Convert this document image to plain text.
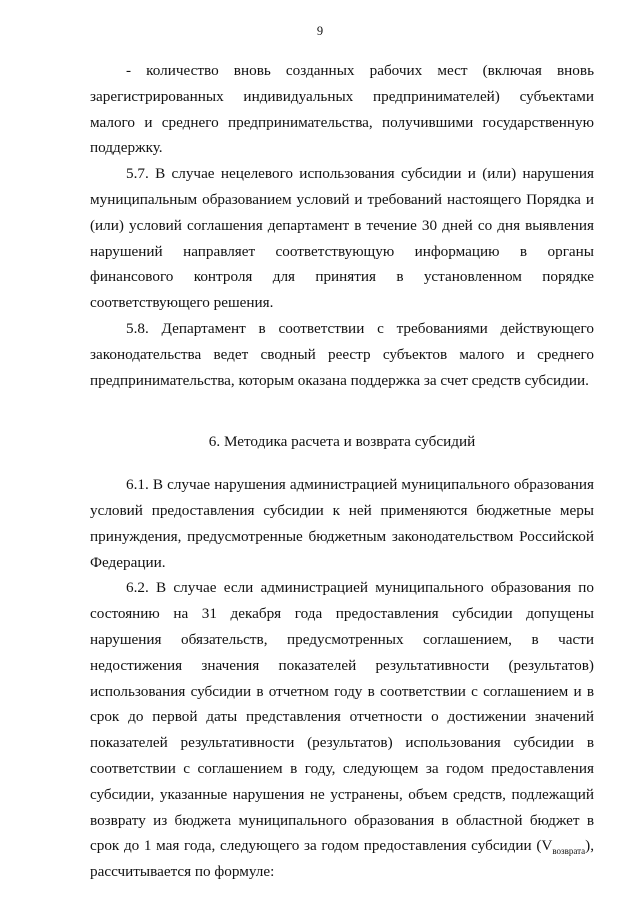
9

- количество вновь созданных рабочих мест (включая вновь зарегистрированных индивидуальных предпринимателей) субъектами малого и среднего предпринимательства, получившими государственную поддержку.

5.7. В случае нецелевого использования субсидии и (или) нарушения муниципальным образованием условий и требований настоящего Порядка и (или) условий соглашения департамент в течение 30 дней со дня выявления нарушений направляет соответствующую информацию в органы финансового контроля для принятия в установленном порядке соответствующего решения.

5.8. Департамент в соответствии с требованиями действующего законодательства ведет сводный реестр субъектов малого и среднего предпринимательства, которым оказана поддержка за счет средств субсидии.

6. Методика расчета и возврата субсидий

6.1. В случае нарушения администрацией муниципального образования условий предоставления субсидии к ней применяются бюджетные меры принуждения, предусмотренные бюджетным законодательством Российской Федерации.

6.2. В случае если администрацией муниципального образования по состоянию на 31 декабря года предоставления субсидии допущены нарушения обязательств, предусмотренных соглашением, в части недостижения значения показателей результативности (результатов) использования субсидии в отчетном году в соответствии с соглашением и в срок до первой даты представления отчетности о достижении значений показателей результативности (результатов) использования субсидии в соответствии с соглашением в году, следующем за годом предоставления субсидии, указанные нарушения не устранены, объем средств, подлежащий возврату из бюджета муниципального образования в областной бюджет в срок до 1 мая года, следующего за годом предоставления субсидии $(V_{возврата})$, рассчитывается по формуле:
